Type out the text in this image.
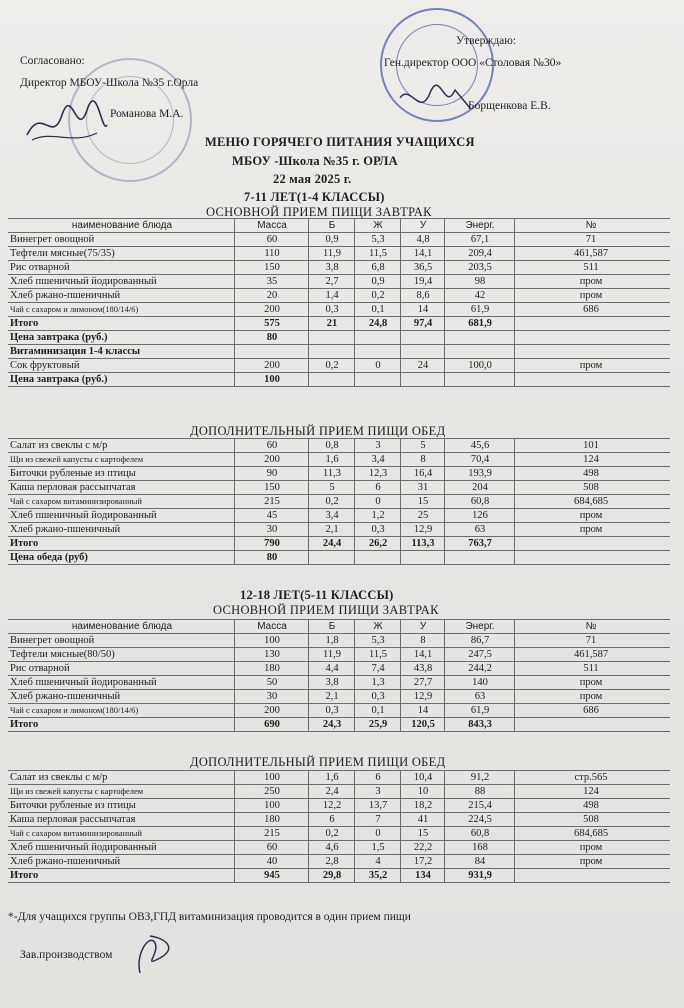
Согласовано:
Директор МБОУ-Школа №35 г.Орла
Романова М.А.
Утверждаю:
Ген.директор ООО «Столовая №30»
Борщенкова Е.В.
МЕНЮ ГОРЯЧЕГО ПИТАНИЯ УЧАЩИХСЯ
МБОУ -Школа №35 г. ОРЛА
22 мая 2025 г.
7-11 ЛЕТ(1-4 КЛАССЫ)
ОСНОВНОЙ ПРИЕМ ПИЩИ ЗАВТРАК
наименование блюда	Масса	Б	Ж	У	Энерг.	№
Винегрет овощной	60	0,9	5,3	4,8	67,1	71
Тефтели мясные(75/35)	110	11,9	11,5	14,1	209,4	461,587
Рис отварной	150	3,8	6,8	36,5	203,5	511
Хлеб пшеничный йодированный	35	2,7	0,9	19,4	98	пром
Хлеб ржано-пшеничный	20	1,4	0,2	8,6	42	пром
Чай с сахаром и лимоном(180/14/6)	200	0,3	0,1	14	61,9	686
Итого	575	21	24,8	97,4	681,9
Цена завтрака (руб.)	80
Витаминизация 1-4 классы
Сок фруктовый	200	0,2	0	24	100,0	пром
Цена завтрака (руб.)	100
ДОПОЛНИТЕЛЬНЫЙ ПРИЕМ ПИЩИ ОБЕД
Салат из свеклы с м/р	60	0,8	3	5	45,6	101
Щи из свежей капусты с картофелем	200	1,6	3,4	8	70,4	124
Биточки рубленые из птицы	90	11,3	12,3	16,4	193,9	498
Каша перловая рассыпчатая	150	5	6	31	204	508
Чай с сахаром витаминизированный	215	0,2	0	15	60,8	684,685
Хлеб пшеничный йодированный	45	3,4	1,2	25	126	пром
Хлеб ржано-пшеничный	30	2,1	0,3	12,9	63	пром
Итого	790	24,4	26,2	113,3	763,7
Цена обеда (руб)	80
12-18 ЛЕТ(5-11 КЛАССЫ)
ОСНОВНОЙ ПРИЕМ ПИЩИ ЗАВТРАК
наименование блюда	Масса	Б	Ж	У	Энерг.	№
Винегрет овощной	100	1,8	5,3	8	86,7	71
Тефтели мясные(80/50)	130	11,9	11,5	14,1	247,5	461,587
Рис отварной	180	4,4	7,4	43,8	244,2	511
Хлеб пшеничный йодированный	50	3,8	1,3	27,7	140	пром
Хлеб ржано-пшеничный	30	2,1	0,3	12,9	63	пром
Чай с сахаром и лимоном(180/14/6)	200	0,3	0,1	14	61,9	686
Итого	690	24,3	25,9	120,5	843,3
ДОПОЛНИТЕЛЬНЫЙ ПРИЕМ ПИЩИ ОБЕД
Салат из свеклы с м/р	100	1,6	6	10,4	91,2	стр.565
Щи из свежей капусты с картофелем	250	2,4	3	10	88	124
Биточки рубленые из птицы	100	12,2	13,7	18,2	215,4	498
Каша перловая рассыпчатая	180	6	7	41	224,5	508
Чай с сахаром витаминизированный	215	0,2	0	15	60,8	684,685
Хлеб пшеничный йодированный	60	4,6	1,5	22,2	168	пром
Хлеб ржано-пшеничный	40	2,8	4	17,2	84	пром
Итого	945	29,8	35,2	134	931,9
*-Для учащихся группы ОВЗ,ГПД витаминизация проводится в один прием пищи
Зав.производством
